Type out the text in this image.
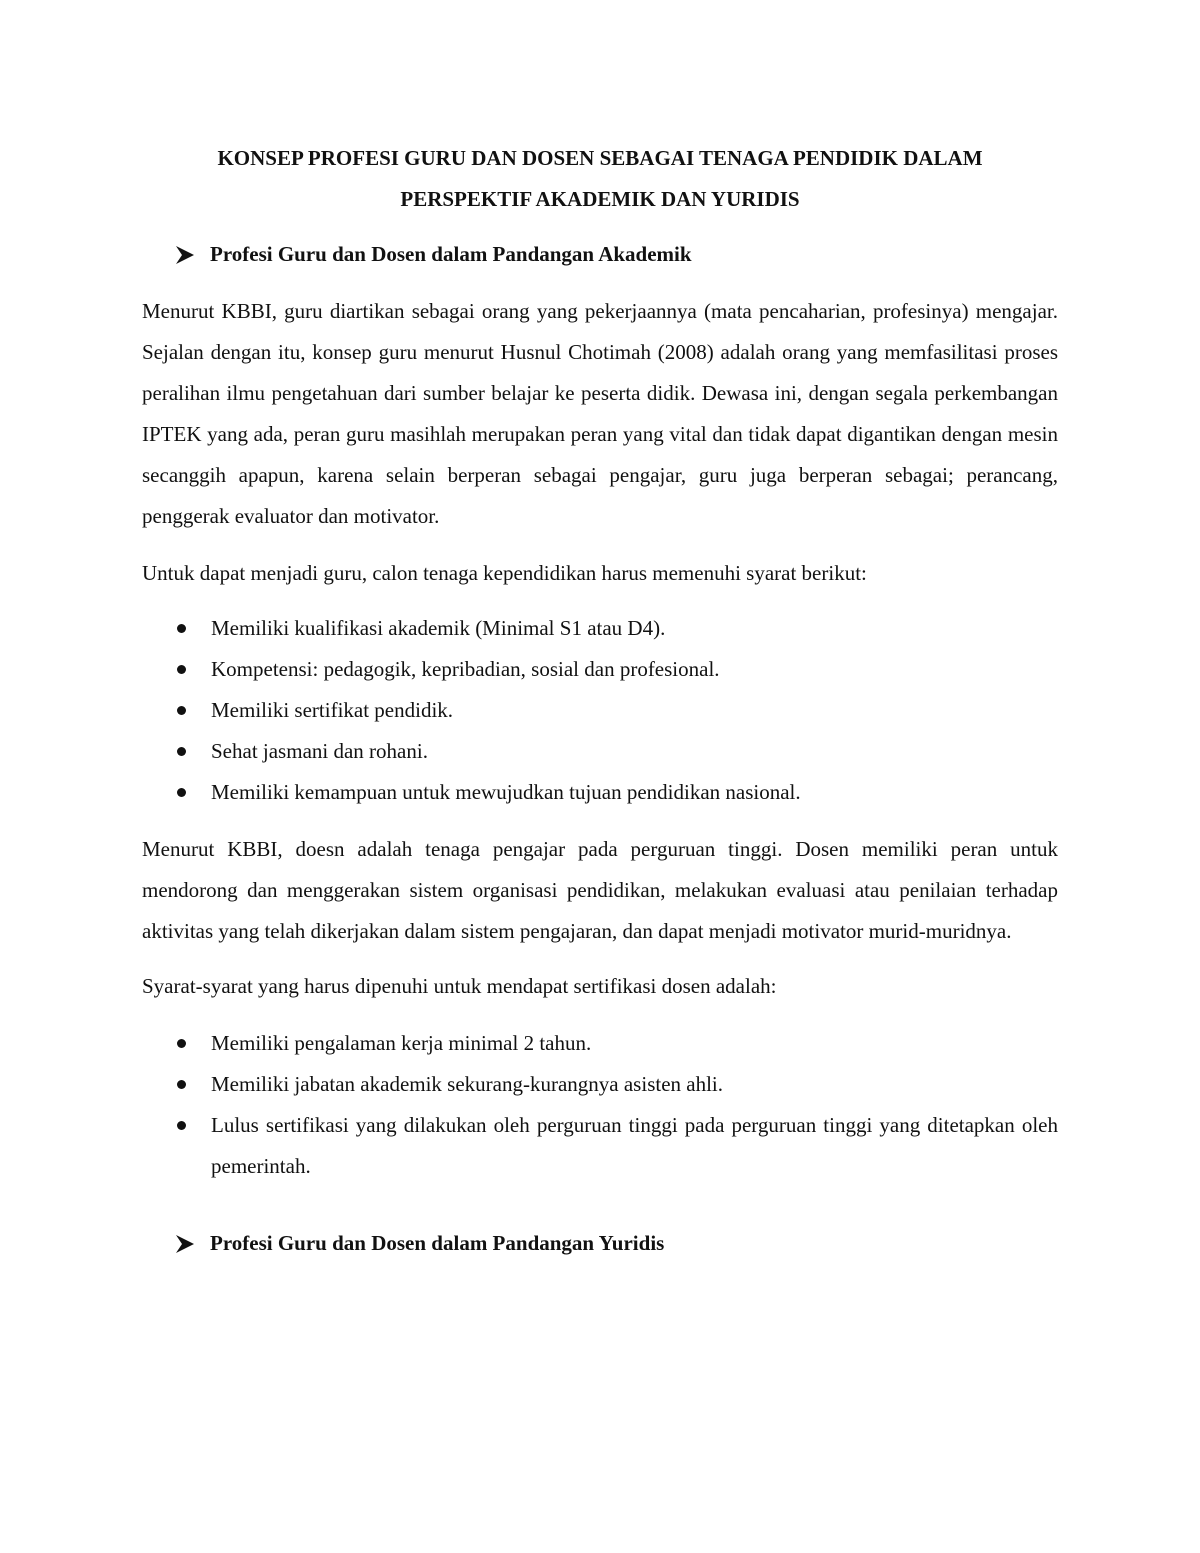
KONSEP PROFESI GURU DAN DOSEN SEBAGAI TENAGA PENDIDIK DALAM

PERSPEKTIF AKADEMIK DAN YURIDIS

Profesi Guru dan Dosen dalam Pandangan Akademik

Menurut KBBI, guru diartikan sebagai orang yang pekerjaannya (mata pencaharian, profesinya) mengajar. Sejalan dengan itu, konsep guru menurut Husnul Chotimah (2008) adalah orang yang memfasilitasi proses peralihan ilmu pengetahuan dari sumber belajar ke peserta didik. Dewasa ini, dengan segala perkembangan IPTEK yang ada, peran guru masihlah merupakan peran yang vital dan tidak dapat digantikan dengan mesin secanggih apapun, karena selain berperan sebagai pengajar, guru juga berperan sebagai; perancang, penggerak evaluator dan motivator.

Untuk dapat menjadi guru, calon tenaga kependidikan harus memenuhi syarat berikut:

Memiliki kualifikasi akademik (Minimal S1 atau D4).
Kompetensi: pedagogik, kepribadian, sosial dan profesional.
Memiliki sertifikat pendidik.
Sehat jasmani dan rohani.
Memiliki kemampuan untuk mewujudkan tujuan pendidikan nasional.

Menurut KBBI, doesn adalah tenaga pengajar pada perguruan tinggi. Dosen memiliki peran untuk mendorong dan menggerakan sistem organisasi pendidikan, melakukan evaluasi atau penilaian terhadap aktivitas yang telah dikerjakan dalam sistem pengajaran, dan dapat menjadi motivator murid-muridnya.

Syarat-syarat yang harus dipenuhi untuk mendapat sertifikasi dosen adalah:

Memiliki pengalaman kerja minimal 2 tahun.
Memiliki jabatan akademik sekurang-kurangnya asisten ahli.
Lulus sertifikasi yang dilakukan oleh perguruan tinggi pada perguruan tinggi yang ditetapkan oleh pemerintah.

Profesi Guru dan Dosen dalam Pandangan Yuridis
